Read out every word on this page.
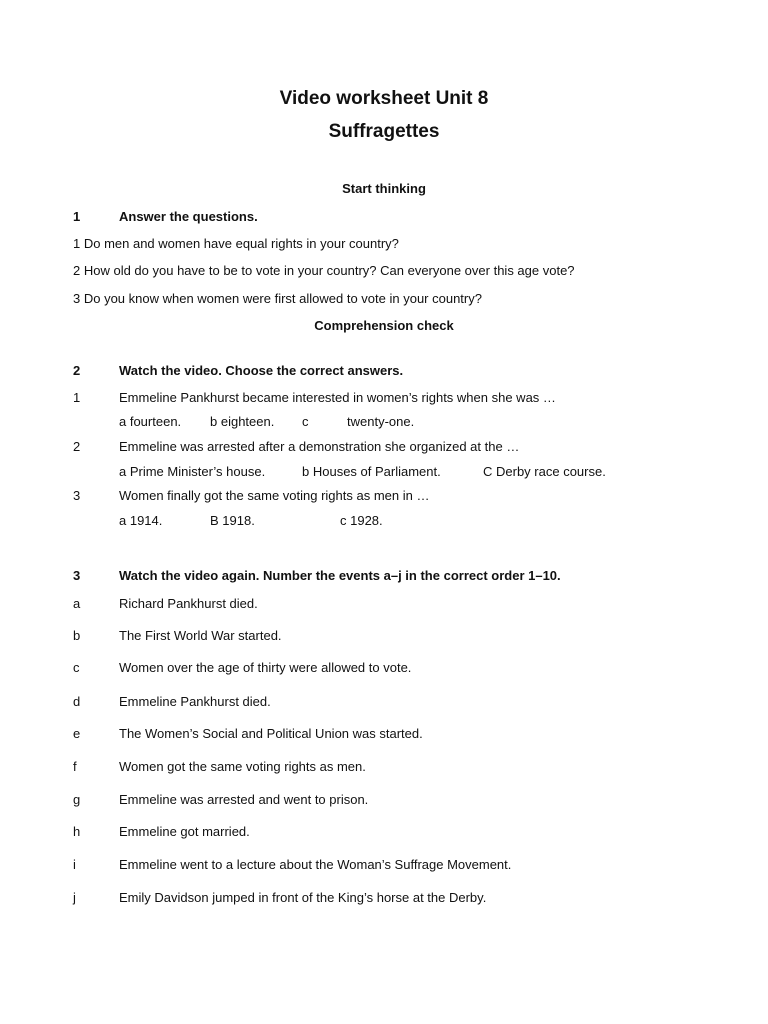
Video worksheet Unit 8
Suffragettes
Start thinking
1	Answer the questions.
1 Do men and women have equal rights in your country?
2 How old do you have to be to vote in your country? Can everyone over this age vote?
3 Do you know when women were first allowed to vote in your country?
Comprehension check
2	Watch the video. Choose the correct answers.
1	Emmeline Pankhurst became interested in women’s rights when she was …
a fourteen. b eighteen. c	twenty-one.
2	Emmeline was arrested after a demonstration she organized at the …
a Prime Minister’s house.	b Houses of Parliament.	C Derby race course.
3	Women finally got the same voting rights as men in …
a 1914.	B 1918.	c 1928.
3	Watch the video again. Number the events a–j in the correct order 1–10.
a	Richard Pankhurst died.
b	The First World War started.
c	Women over the age of thirty were allowed to vote.
d	Emmeline Pankhurst died.
e	The Women’s Social and Political Union was started.
f	Women got the same voting rights as men.
g	Emmeline was arrested and went to prison.
h	Emmeline got married.
i	Emmeline went to a lecture about the Woman’s Suffrage Movement.
j	Emily Davidson jumped in front of the King’s horse at the Derby.
